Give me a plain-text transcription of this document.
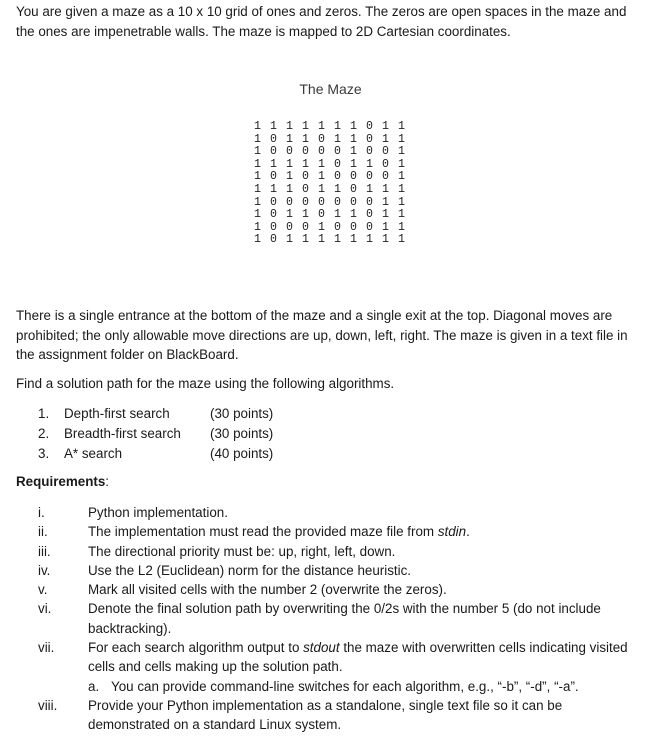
You are given a maze as a 10 x 10 grid of ones and zeros. The zeros are open spaces in the maze and the ones are impenetrable walls. The maze is mapped to 2D Cartesian coordinates.

The Maze

1 1 1 1 1 1 1 0 1 1
1 0 1 1 0 1 1 0 1 1
1 0 0 0 0 0 1 0 0 1
1 1 1 1 1 0 1 1 0 1
1 0 1 0 1 0 0 0 0 1
1 1 1 0 1 1 0 1 1 1
1 0 0 0 0 0 0 0 1 1
1 0 1 1 0 1 1 0 1 1
1 0 0 0 1 0 0 0 1 1
1 0 1 1 1 1 1 1 1 1

There is a single entrance at the bottom of the maze and a single exit at the top. Diagonal moves are prohibited; the only allowable move directions are up, down, left, right. The maze is given in a text file in the assignment folder on BlackBoard.

Find a solution path for the maze using the following algorithms.

1. Depth-first search	(30 points)
2. Breadth-first search (30 points)
3. A* search	(40 points)

Requirements:

i.	Python implementation.
ii.	The implementation must read the provided maze file from stdin.
iii.	The directional priority must be: up, right, left, down.
iv.	Use the L2 (Euclidean) norm for the distance heuristic.
v.	Mark all visited cells with the number 2 (overwrite the zeros).
vi.	Denote the final solution path by overwriting the 0/2s with the number 5 (do not include backtracking).
vii.	For each search algorithm output to stdout the maze with overwritten cells indicating visited cells and cells making up the solution path.
a. You can provide command-line switches for each algorithm, e.g., “-b”, “-d”, “-a”.
viii. Provide your Python implementation as a standalone, single text file so it can be demonstrated on a standard Linux system.
